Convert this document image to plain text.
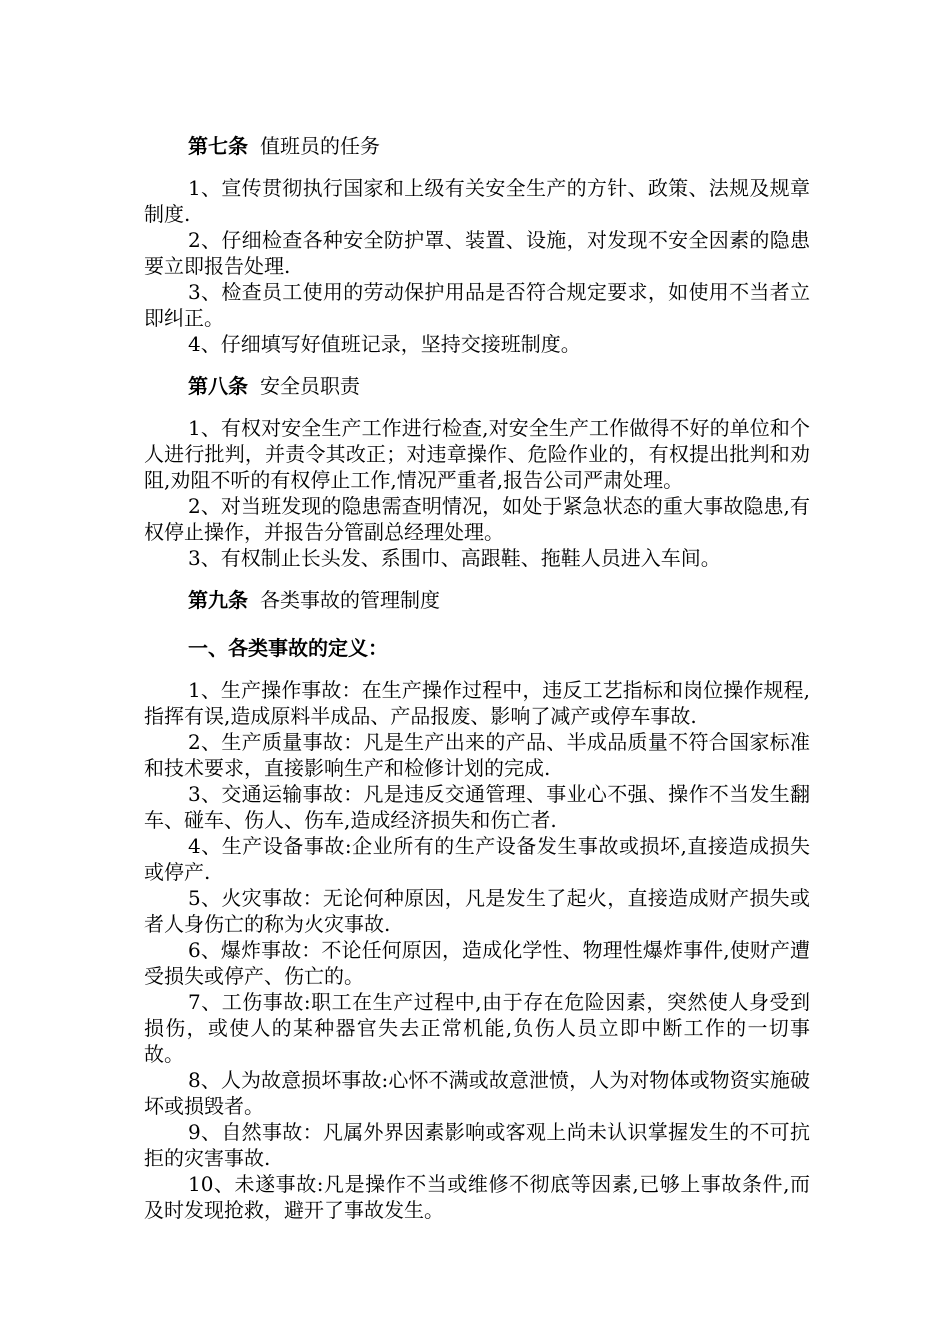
第七条 值班员的任务

1、宣传贯彻执行国家和上级有关安全生产的方针、政策、法规及规章制度.

2、仔细检查各种安全防护罩、装置、设施，对发现不安全因素的隐患要立即报告处理.

3、检查员工使用的劳动保护用品是否符合规定要求，如使用不当者立即纠正。

4、仔细填写好值班记录，坚持交接班制度。

第八条 安全员职责

1、有权对安全生产工作进行检查,对安全生产工作做得不好的单位和个人进行批判，并责令其改正；对违章操作、危险作业的，有权提出批判和劝阻,劝阻不听的有权停止工作,情况严重者,报告公司严肃处理。

2、对当班发现的隐患需查明情况，如处于紧急状态的重大事故隐患,有权停止操作，并报告分管副总经理处理。

3、有权制止长头发、系围巾、高跟鞋、拖鞋人员进入车间。

第九条 各类事故的管理制度

一、各类事故的定义：

1、生产操作事故：在生产操作过程中，违反工艺指标和岗位操作规程,指挥有误,造成原料半成品、产品报废、影响了减产或停车事故.

2、生产质量事故：凡是生产出来的产品、半成品质量不符合国家标准和技术要求，直接影响生产和检修计划的完成.

3、交通运输事故：凡是违反交通管理、事业心不强、操作不当发生翻车、碰车、伤人、伤车,造成经济损失和伤亡者.

4、生产设备事故:企业所有的生产设备发生事故或损坏,直接造成损失或停产.

5、火灾事故：无论何种原因，凡是发生了起火，直接造成财产损失或者人身伤亡的称为火灾事故.

6、爆炸事故：不论任何原因，造成化学性、物理性爆炸事件,使财产遭受损失或停产、伤亡的。

7、工伤事故:职工在生产过程中,由于存在危险因素，突然使人身受到损伤，或使人的某种器官失去正常机能,负伤人员立即中断工作的一切事故。

8、人为故意损坏事故:心怀不满或故意泄愤，人为对物体或物资实施破坏或损毁者。

9、自然事故：凡属外界因素影响或客观上尚未认识掌握发生的不可抗拒的灾害事故.

10、未遂事故:凡是操作不当或维修不彻底等因素,已够上事故条件,而及时发现抢救，避开了事故发生。
